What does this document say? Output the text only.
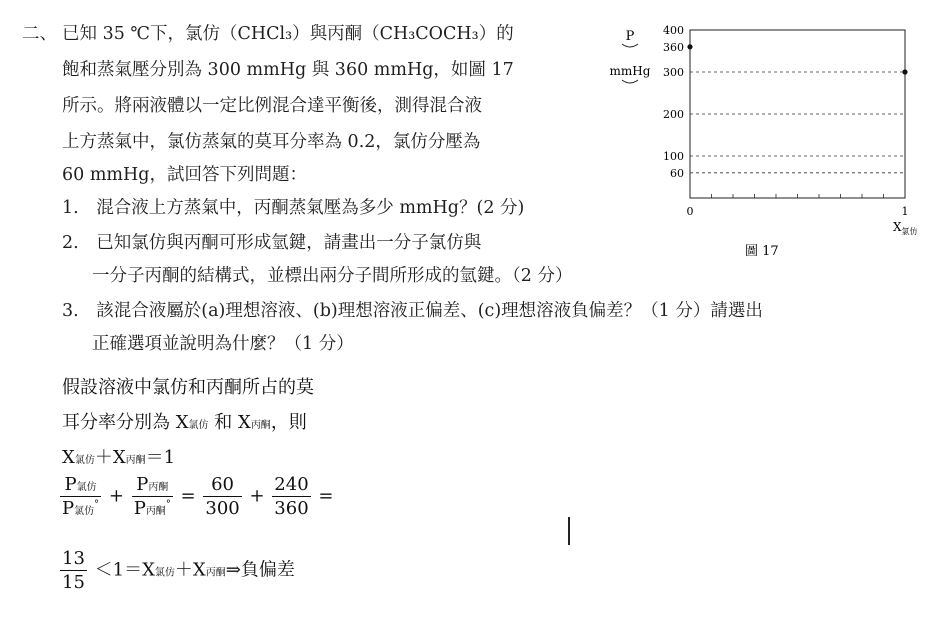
二、 已知 35 ℃下，氯仿（CHCl₃）與丙酮（CH₃COCH₃）的
飽和蒸氣壓分別為 300 mmHg 與 360 mmHg，如圖 17
所示。將兩液體以一定比例混合達平衡後，測得混合液
上方蒸氣中，氯仿蒸氣的莫耳分率為 0.2，氯仿分壓為
60 mmHg，試回答下列問題：
1. 混合液上方蒸氣中，丙酮蒸氣壓為多少 mmHg？(2 分)
2. 已知氯仿與丙酮可形成氫鍵，請畫出一分子氯仿與
一分子丙酮的結構式，並標出兩分子間所形成的氫鍵。（2 分）
3. 該混合液屬於(a)理想溶液、(b)理想溶液正偏差、(c)理想溶液負偏差？（1 分）請選出
正確選項並說明為什麼？（1 分）
P
mmHg
400
360
300
200
100
60
0	1
$X_{氯仿}$
圖 17
假設溶液中氯仿和丙酮所占的莫
耳分率分別為 X氯仿 和 X丙酮，則
X氯仿＋X丙酮＝1
$\frac{\text{P氯仿}}{P氯仿^\circ} + \frac{\text{P丙酮}}{P丙酮^\circ} = \frac{60}{300} + \frac{240}{360}$ =
$\frac{13}{15} <1=X$氯仿＋X丙酮⇒負偏差
